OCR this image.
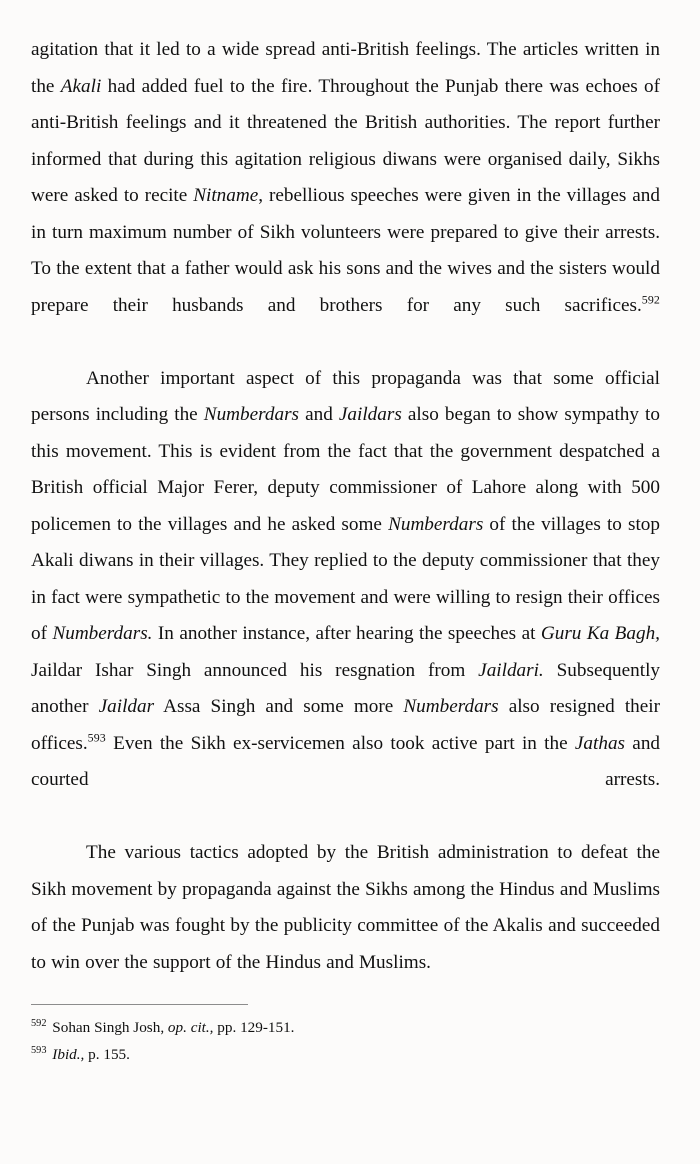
agitation that it led to a wide spread anti-British feelings. The articles written in the Akali had added fuel to the fire. Throughout the Punjab there was echoes of anti-British feelings and it threatened the British authorities. The report further informed that during this agitation religious diwans were organised daily, Sikhs were asked to recite Nitname, rebellious speeches were given in the villages and in turn maximum number of Sikh volunteers were prepared to give their arrests. To the extent that a father would ask his sons and the wives and the sisters would prepare their husbands and brothers for any such sacrifices.$^{592}$

Another important aspect of this propaganda was that some official persons including the Numberdars and Jaildars also began to show sympathy to this movement. This is evident from the fact that the government despatched a British official Major Ferer, deputy commissioner of Lahore along with 500 policemen to the villages and he asked some Numberdars of the villages to stop Akali diwans in their villages. They replied to the deputy commissioner that they in fact were sympathetic to the movement and were willing to resign their offices of Numberdars. In another instance, after hearing the speeches at Guru Ka Bagh, Jaildar Ishar Singh announced his resgnation from Jaildari. Subsequently another Jaildar Assa Singh and some more Numberdars also resigned their offices.$^{593}$ Even the Sikh ex-servicemen also took active part in the Jathas and courted arrests.

The various tactics adopted by the British administration to defeat the Sikh movement by propaganda against the Sikhs among the Hindus and Muslims of the Punjab was fought by the publicity committee of the Akalis and succeeded to win over the support of the Hindus and Muslims.

$^{592}$ Sohan Singh Josh, op. cit., pp. 129-151.

$^{593}$ Ibid., p. 155.
